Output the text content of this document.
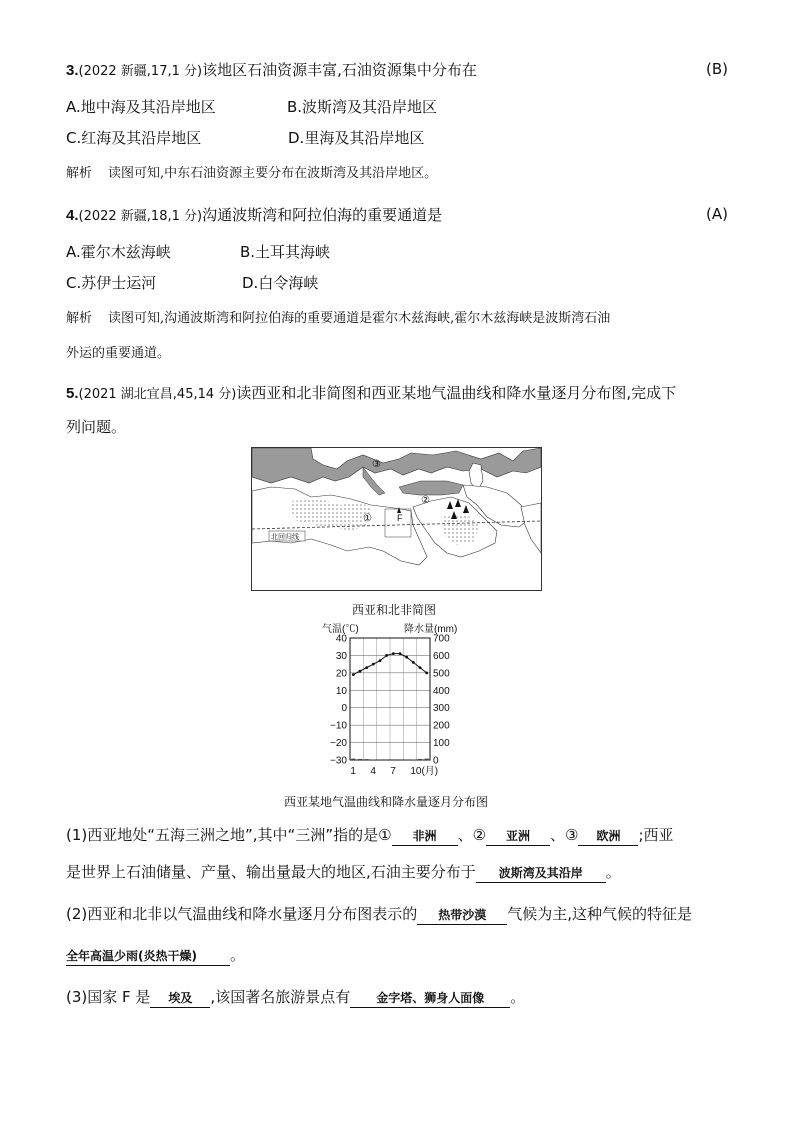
3.(2022 新疆,17,1 分)该地区石油资源丰富,石油资源集中分布在	(B)
A.地中海及其沿岸地区	B.波斯湾及其沿岸地区
C.红海及其沿岸地区	D.里海及其沿岸地区
解析 读图可知,中东石油资源主要分布在波斯湾及其沿岸地区。
4.(2022 新疆,18,1 分)沟通波斯湾和阿拉伯海的重要通道是	(A)
A.霍尔木兹海峡	B.土耳其海峡
C.苏伊士运河	D.白令海峡
解析 读图可知,沟通波斯湾和阿拉伯海的重要通道是霍尔木兹海峡,霍尔木兹海峡是波斯湾石油
外运的重要通道。
5.(2021 湖北宜昌,45,14 分)读西亚和北非简图和西亚某地气温曲线和降水量逐月分布图,完成下
列问题。
北回归线
F
①
②
③
西亚和北非简图
气温(℃)	降水量(mm)
40
30
20
10
0
−10
−20
−30
700
600
500
400
300
200
100
0
1 4 7 10(月)
西亚某地气温曲线和降水量逐月分布图
(1)西亚地处“五海三洲之地”,其中“三洲”指的是① 非洲 、② 亚洲 、③ 欧洲 ;西亚
是世界上石油储量、产量、输出量最大的地区,石油主要分布于 波斯湾及其沿岸 。
(2)西亚和北非以气温曲线和降水量逐月分布图表示的 热带沙漠 气候为主,这种气候的特征是
全年高温少雨(炎热干燥) 。
(3)国家 F 是 埃及 ,该国著名旅游景点有 金字塔、狮身人面像 。
